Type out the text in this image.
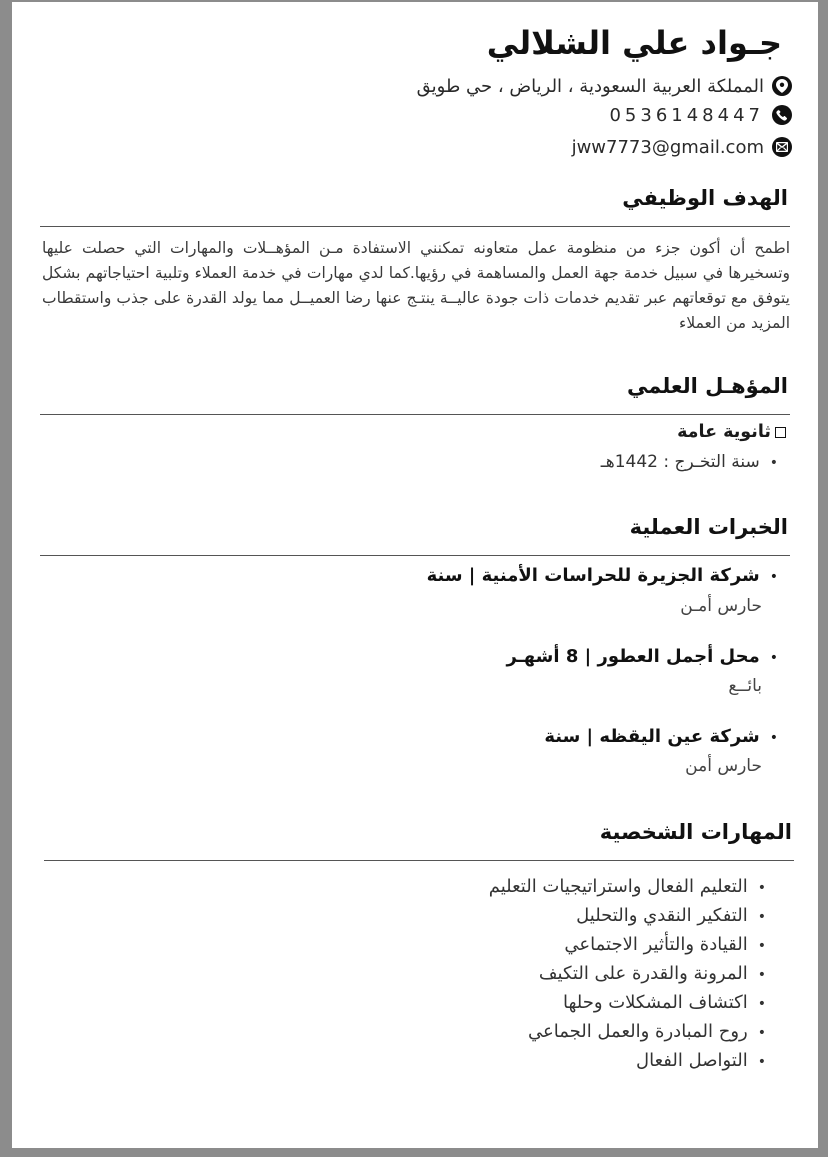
جـواد علي الشلالي
المملكة العربية السعودية ، الرياض ، حي طويق
0536148447
jww7773@gmail.com
الهدف الوظيفي
اطمح أن أكون جزء من منظومة عمل متعاونه تمكنني الاستفادة مـن المؤهــلات والمهارات التي حصلت عليها وتسخيرها في سبيل خدمة جهة العمل والمساهمة في رؤيها.كما لدي مهارات في خدمة العملاء وتلبية احتياجاتهم بشكل يتوفق مع توقعاتهم عبر تقديم خدمات ذات جودة عاليــة ينتـج عنها رضا العميــل مما يولد القدرة على جذب واستقطاب المزيد من العملاء
المؤهـل العلمي
ثانوية عامة
•سنة التخـرج : 1442هـ
الخبرات العملية
•شركة الجزيرة للحراسات الأمنية | سنة
حارس أمـن
•محل أجمل العطور | 8 أشهـر
بائــع
•شركة عين اليقظه | سنة
حارس أمن
المهارات الشخصية
•التعليم الفعال واستراتيجيات التعليم
•التفكير النقدي والتحليل
•القيادة والتأثير الاجتماعي
•المرونة والقدرة على التكيف
•اكتشاف المشكلات وحلها
•روح المبادرة والعمل الجماعي
•التواصل الفعال
